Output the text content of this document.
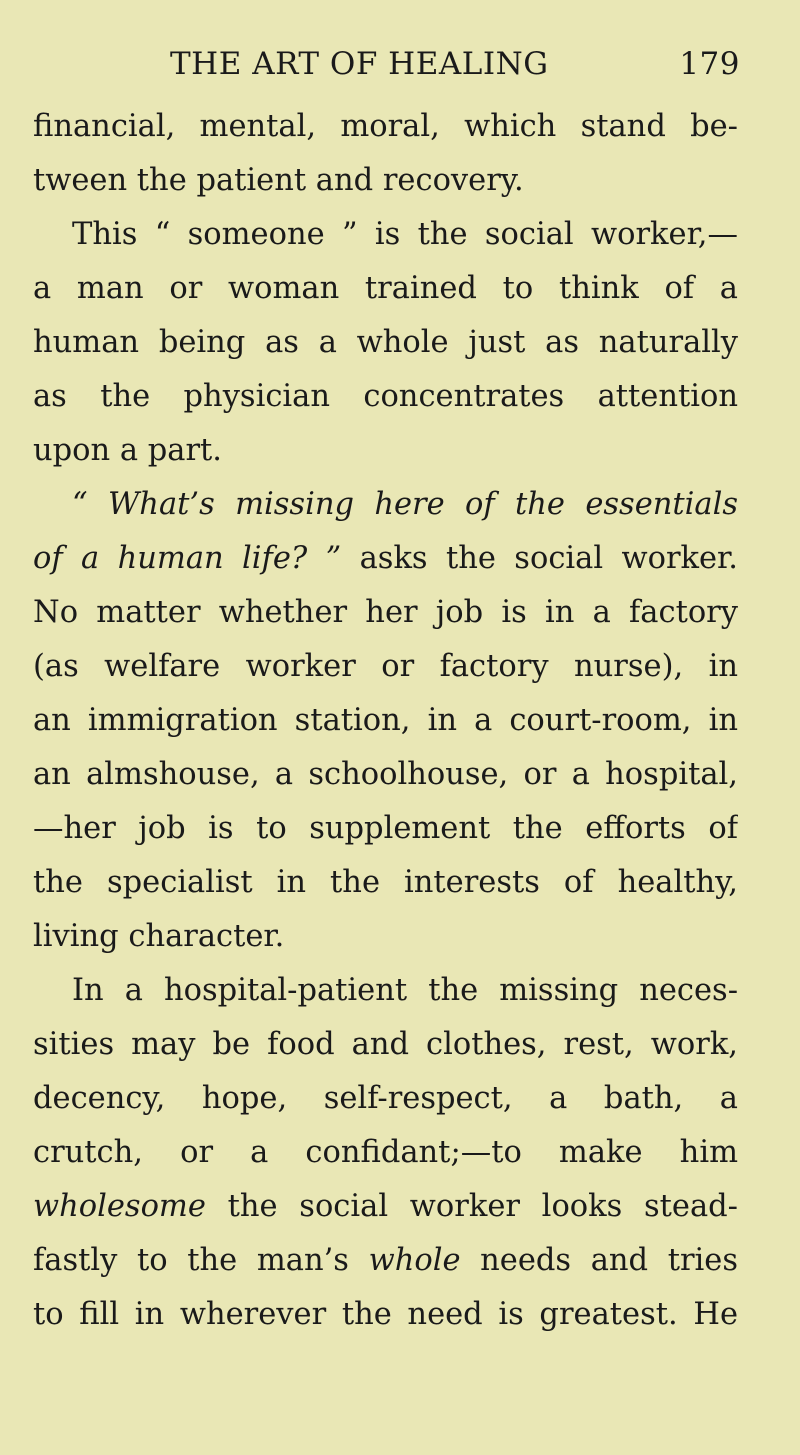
THE ART OF HEALING	179
financial, mental, moral, which stand be-
tween the patient and recovery.
This “ someone ” is the social worker,—
a man or woman trained to think of a
human being as a whole just as naturally
as the physician concentrates attention
upon a part.
“ What’s missing here of the essentials
of a human life? ” asks the social worker.
No matter whether her job is in a factory
(as welfare worker or factory nurse), in
an immigration station, in a court-room, in
an almshouse, a schoolhouse, or a hospital,
—her job is to supplement the efforts of
the specialist in the interests of healthy,
living character.
In a hospital-patient the missing neces-
sities may be food and clothes, rest, work,
decency, hope, self-respect, a bath, a
crutch, or a confidant;—to make him
wholesome the social worker looks stead-
fastly to the man’s whole needs and tries
to fill in wherever the need is greatest. He
